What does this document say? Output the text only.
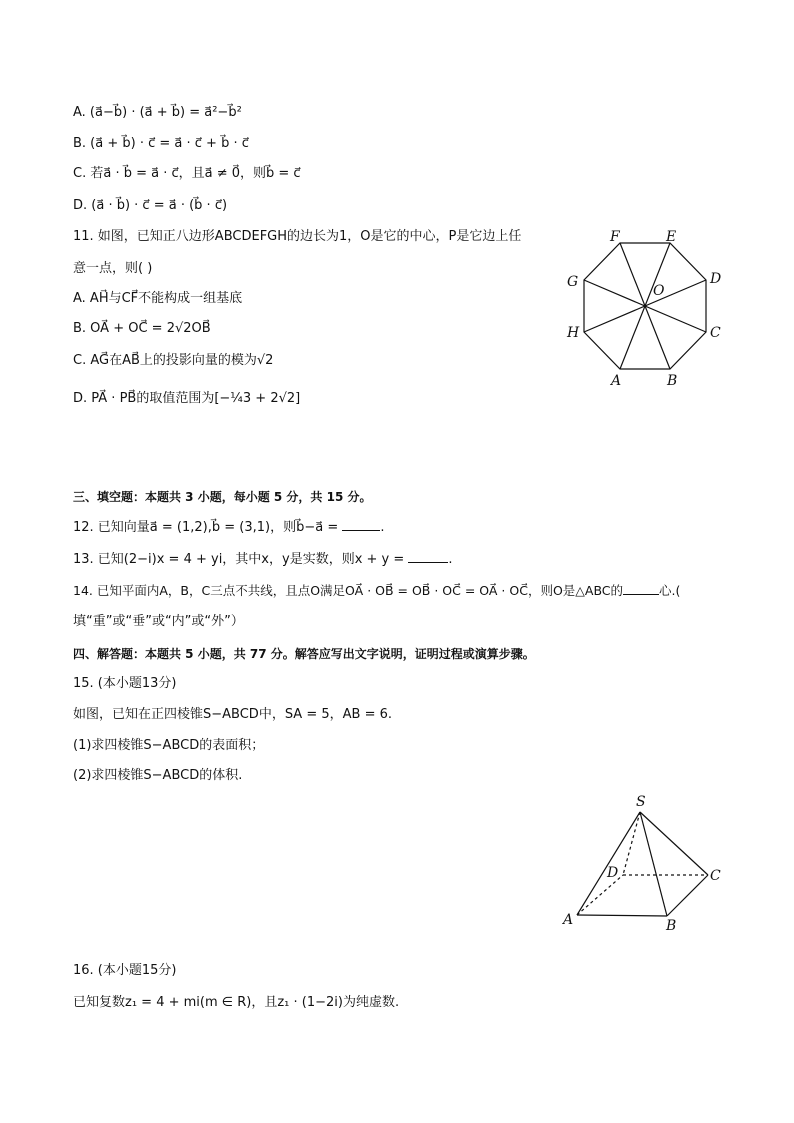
A. (a⃗−b⃗) · (a⃗ + b⃗) = a⃗²−b⃗²
B. (a⃗ + b⃗) · c⃗ = a⃗ · c⃗ + b⃗ · c⃗
C. 若a⃗ · b⃗ = a⃗ · c⃗，且a⃗ ≠ 0⃗，则b⃗ = c⃗
D. (a⃗ · b⃗) · c⃗ = a⃗ · (b⃗ · c⃗)
11. 如图，已知正八边形ABCDEFGH的边长为1，O是它的中心，P是它边上任
意一点，则( )
A. AH⃗与CF⃗不能构成一组基底
B. OA⃗ + OC⃗ = 2√2OB⃗
C. AG⃗在AB⃗上的投影向量的模为√2
D. PA⃗ · PB⃗的取值范围为[−¼3 + 2√2]
F	E
D
G
O
H	C
A	B
三、填空题：本题共 3 小题，每小题 5 分，共 15 分。
12. 已知向量a⃗ = (1,2),b⃗ = (3,1)，则b⃗−a⃗ =	.
13. 已知(2−i)x = 4 + yi，其中x，y是实数，则x + y =	.
14. 已知平面内A，B，C三点不共线，且点O满足OA⃗ · OB⃗ = OB⃗ · OC⃗ = OA⃗ · OC⃗，则O是△ABC的	心.(
填“重”或“垂”或“内”或“外”）
四、解答题：本题共 5 小题，共 77 分。解答应写出文字说明，证明过程或演算步骤。
15. (本小题13分)
如图，已知在正四棱锥S−ABCD中，SA = 5，AB = 6.
(1)求四棱锥S−ABCD的表面积；
(2)求四棱锥S−ABCD的体积.
S
D	C
A	B
16. (本小题15分)
已知复数z₁ = 4 + mi(m ∈ R)，且z₁ · (1−2i)为纯虚数.
